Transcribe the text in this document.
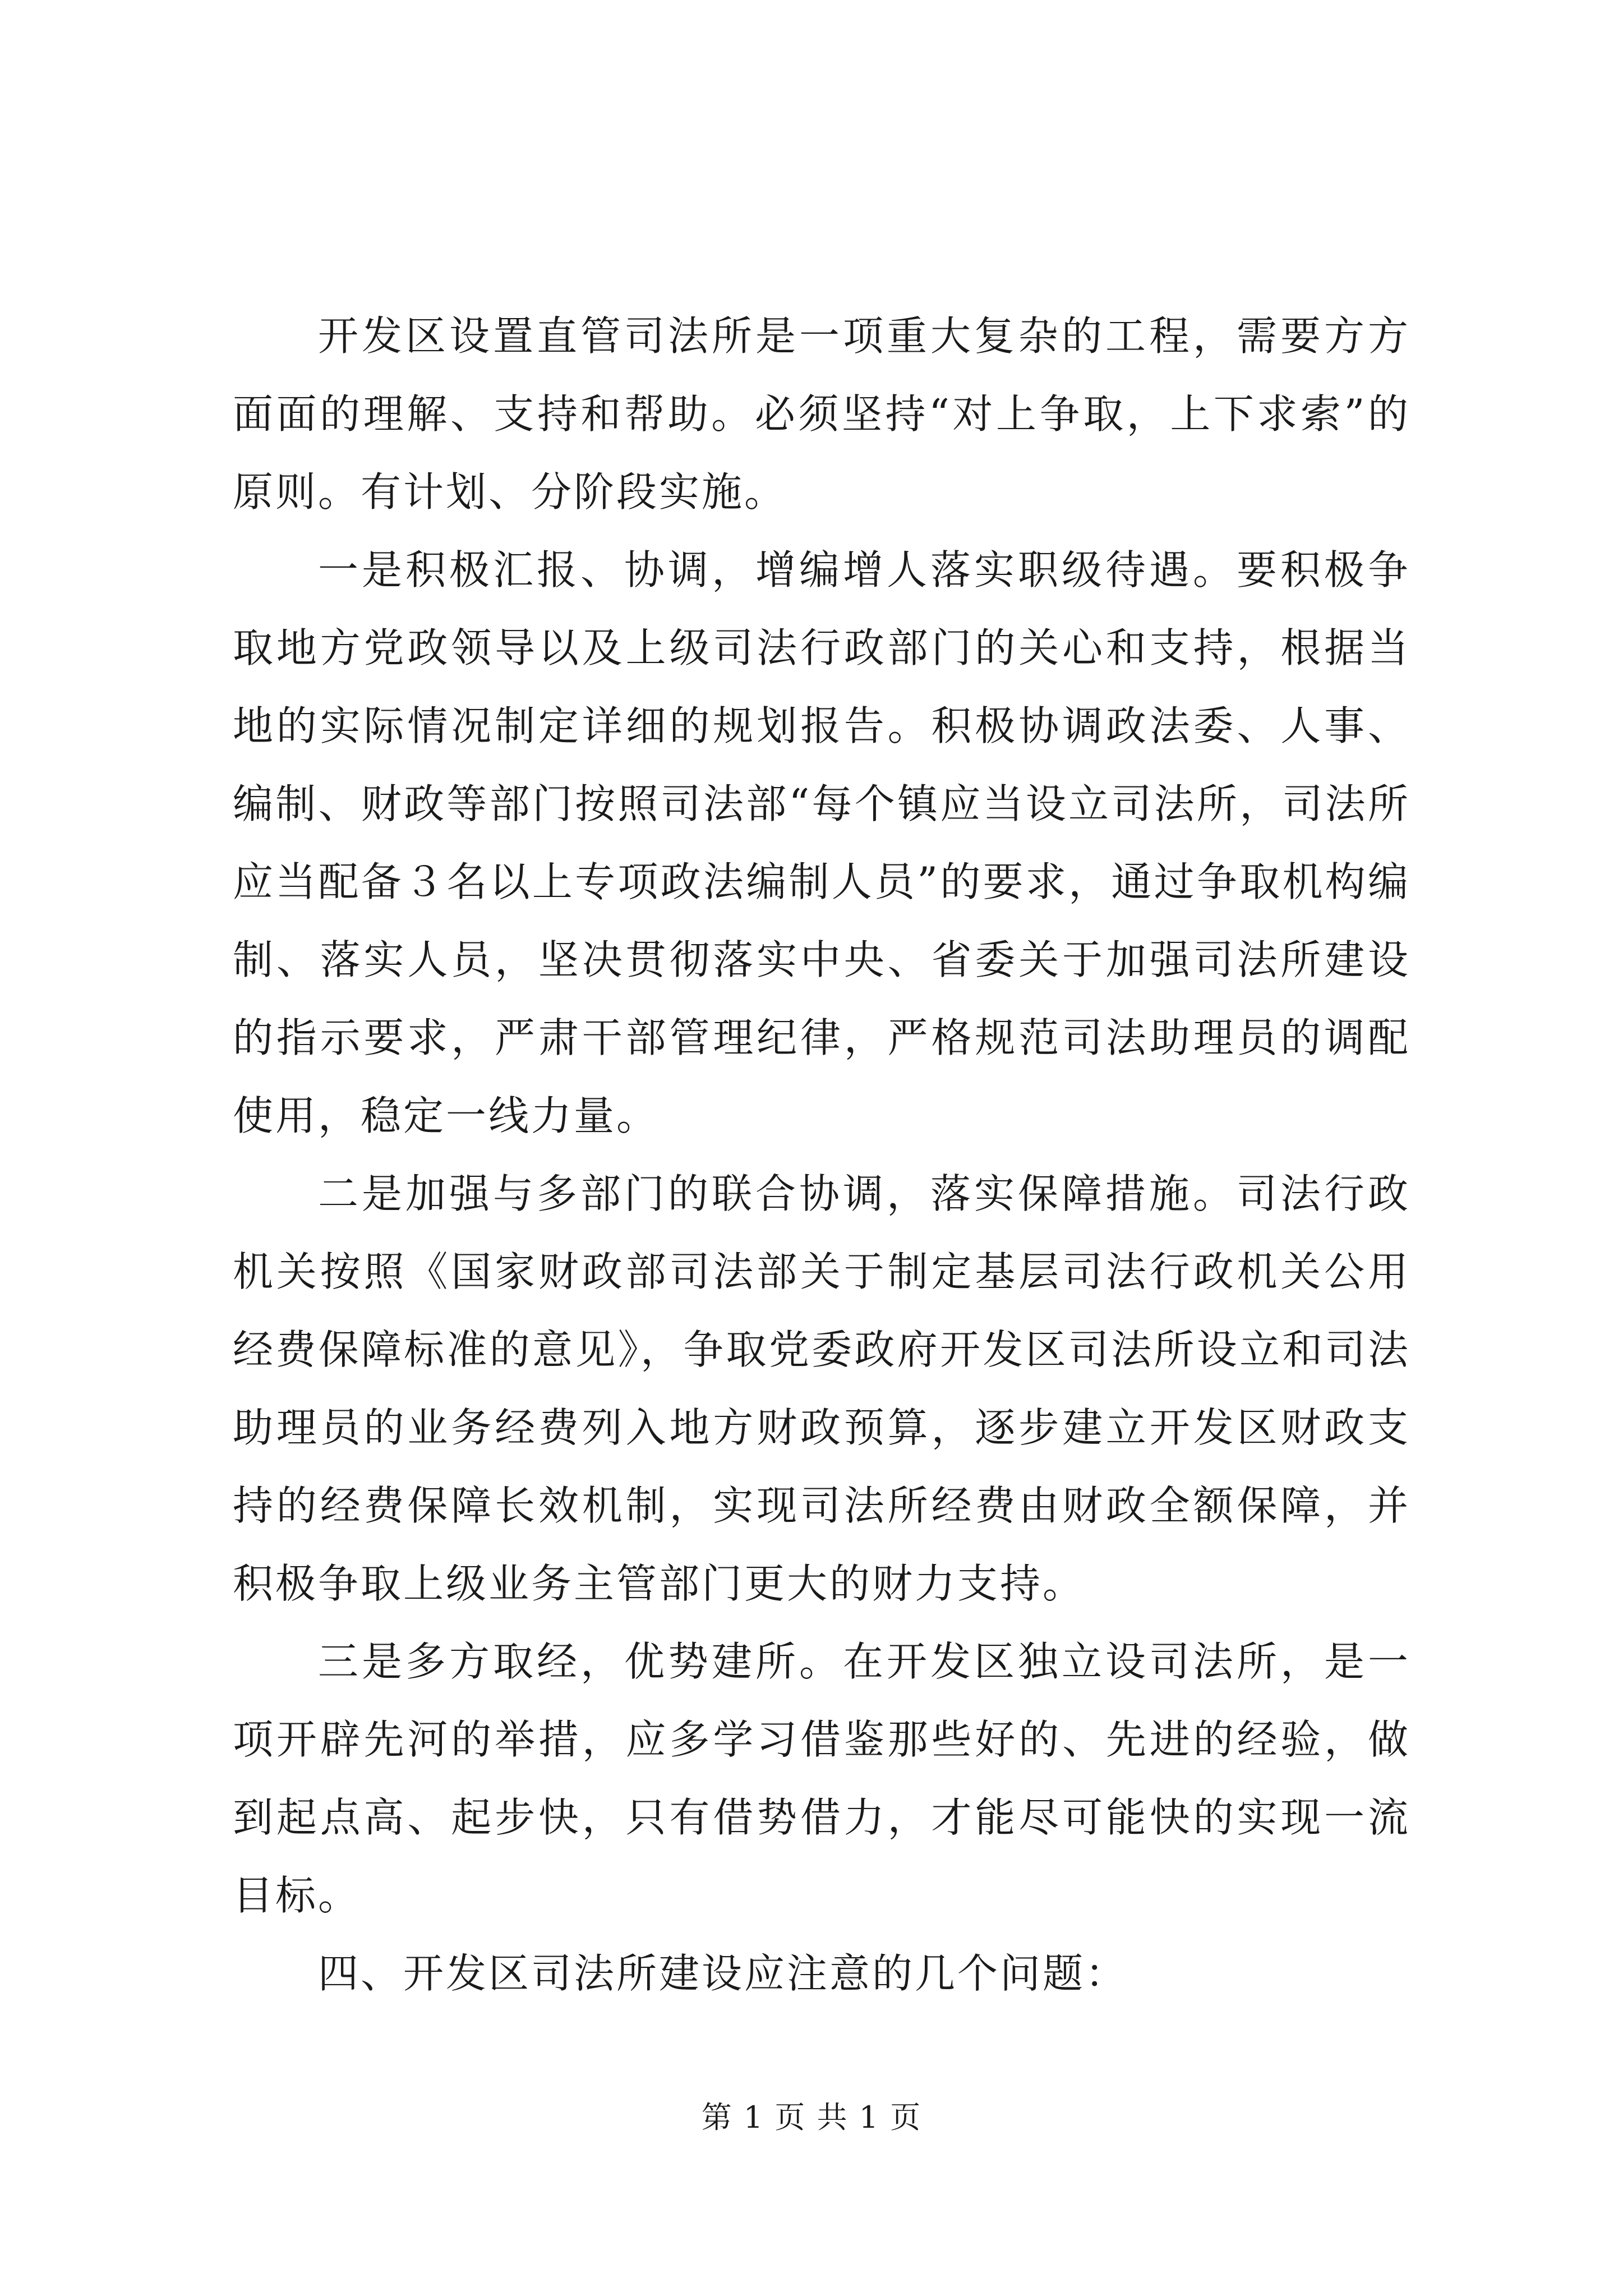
开发区设置直管司法所是一项重大复杂的工程，需要方方面面的理解、支持和帮助。必须坚持“对上争取，上下求索”的原则。有计划、分阶段实施。

一是积极汇报、协调，增编增人落实职级待遇。要积极争取地方党政领导以及上级司法行政部门的关心和支持，根据当地的实际情况制定详细的规划报告。积极协调政法委、人事、编制、财政等部门按照司法部“每个镇应当设立司法所，司法所应当配备３名以上专项政法编制人员”的要求，通过争取机构编制、落实人员，坚决贯彻落实中央、省委关于加强司法所建设的指示要求，严肃干部管理纪律，严格规范司法助理员的调配使用，稳定一线力量。

二是加强与多部门的联合协调，落实保障措施。司法行政机关按照《国家财政部司法部关于制定基层司法行政机关公用经费保障标准的意见》，争取党委政府开发区司法所设立和司法助理员的业务经费列入地方财政预算，逐步建立开发区财政支持的经费保障长效机制，实现司法所经费由财政全额保障，并积极争取上级业务主管部门更大的财力支持。

三是多方取经，优势建所。在开发区独立设司法所，是一项开辟先河的举措，应多学习借鉴那些好的、先进的经验，做到起点高、起步快，只有借势借力，才能尽可能快的实现一流目标。

四、开发区司法所建设应注意的几个问题：

第 1 页 共 1 页
